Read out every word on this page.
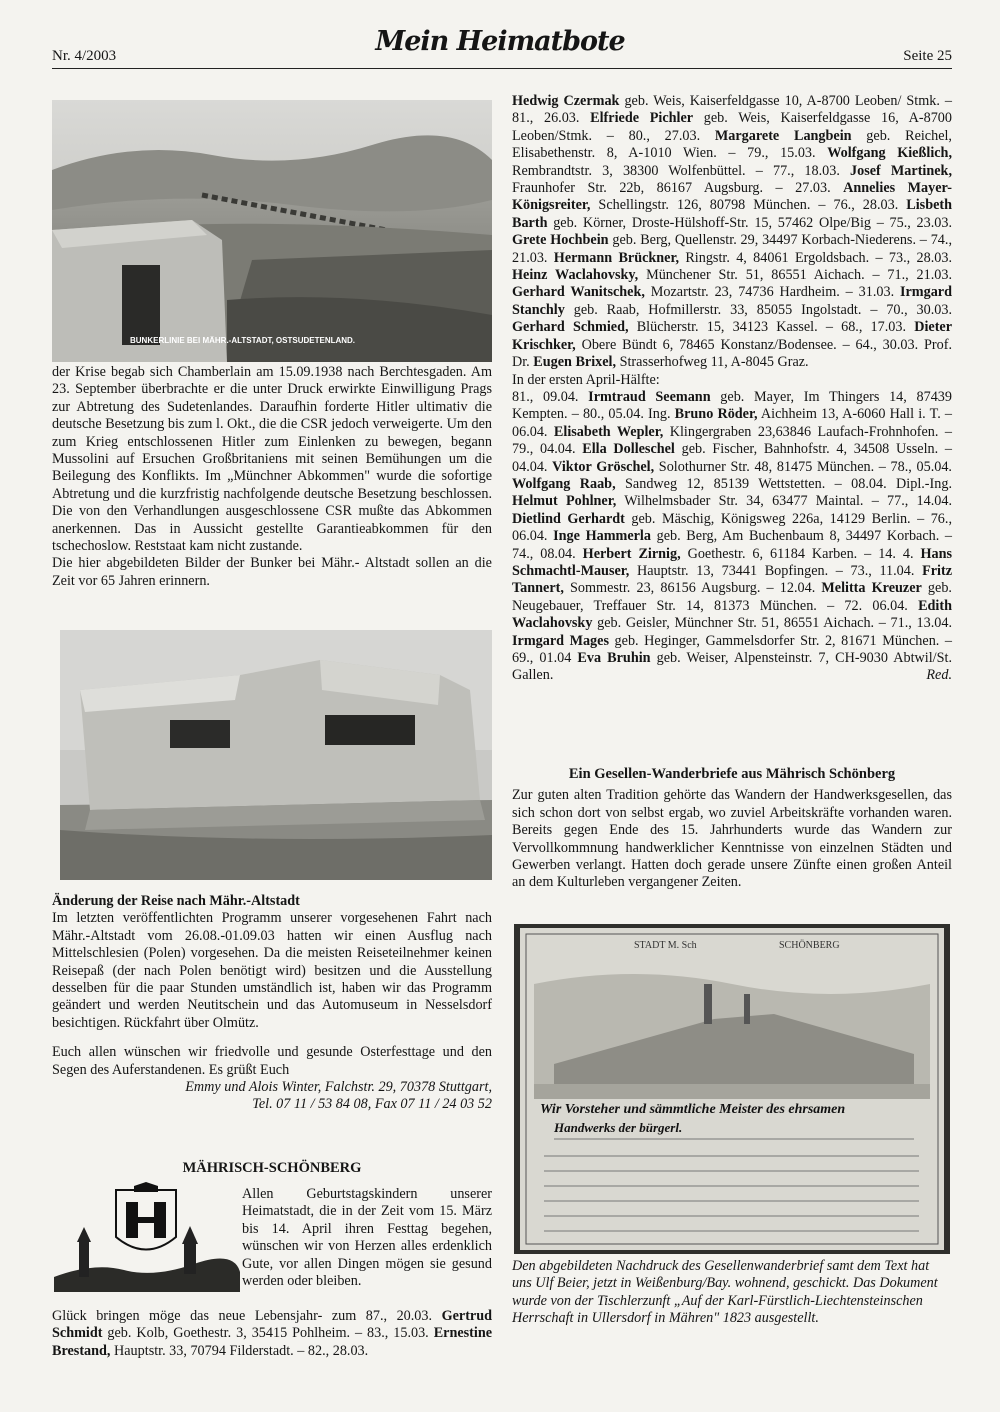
Nr. 4/2003	Mein Heimatbote	Seite 25
BUNKERLINIE BEI MÄHR.-ALTSTADT, OSTSUDETENLAND.

der Krise begab sich Chamberlain am 15.09.1938 nach Berchtesgaden. Am 23. September überbrachte er die unter Druck erwirkte Einwilligung Prags zur Abtretung des Sudetenlandes. Daraufhin forderte Hitler ultimativ die deutsche Besetzung bis zum l. Okt., die die CSR jedoch verweigerte. Um den zum Krieg entschlossenen Hitler zum Einlenken zu bewegen, begann Mussolini auf Ersuchen Großbritaniens mit seinen Bemühungen um die Beilegung des Konflikts. Im „Münchner Abkommen" wurde die sofortige Abtretung und die kurzfristig nachfolgende deutsche Besetzung beschlossen. Die von den Verhandlungen ausgeschlossene CSR mußte das Abkommen anerkennen. Das in Aussicht gestellte Garantieabkommen für den tschechoslow. Reststaat kam nicht zustande.

Die hier abgebildeten Bilder der Bunker bei Mähr.- Altstadt sollen an die Zeit vor 65 Jahren erinnern.

Änderung der Reise nach Mähr.-Altstadt

Im letzten veröffentlichten Programm unserer vorgesehenen Fahrt nach Mähr.-Altstadt vom 26.08.-01.09.03 hatten wir einen Ausflug nach Mittelschlesien (Polen) vorgesehen. Da die meisten Reiseteilnehmer keinen Reisepaß (der nach Polen benötigt wird) besitzen und die Ausstellung desselben für die paar Stunden umständlich ist, haben wir das Programm geändert und werden Neutitschein und das Automuseum in Nesselsdorf besichtigen. Rückfahrt über Olmütz.

Euch allen wünschen wir friedvolle und gesunde Osterfesttage und den Segen des Auferstandenen. Es grüßt Euch

Emmy und Alois Winter, Falchstr. 29, 70378 Stuttgart,

Tel. 07 11 / 53 84 08, Fax 07 11 / 24 03 52

MÄHRISCH-SCHÖNBERG
Allen Geburtstagskindern unserer Heimatstadt, die in der Zeit vom 15. März bis 14. April ihren Festtag begehen, wünschen wir von Herzen alles erdenklich Gute, vor allen Dingen mögen sie gesund werden oder bleiben.

Glück bringen möge das neue Lebensjahr- zum 87., 20.03. Gertrud Schmidt geb. Kolb, Goethestr. 3, 35415 Pohlheim. – 83., 15.03. Ernestine Brestand, Hauptstr. 33, 70794 Filderstadt. – 82., 28.03.

Hedwig Czermak geb. Weis, Kaiserfeldgasse 10, A-8700 Leoben/ Stmk. – 81., 26.03. Elfriede Pichler geb. Weis, Kaiserfeldgasse 16, A-8700 Leoben/Stmk. – 80., 27.03. Margarete Langbein geb. Reichel, Elisabethenstr. 8, A-1010 Wien. – 79., 15.03. Wolfgang Kießlich, Rembrandtstr. 3, 38300 Wolfenbüttel. – 77., 18.03. Josef Martinek, Fraunhofer Str. 22b, 86167 Augsburg. – 27.03. Annelies Mayer-Königsreiter, Schellingstr. 126, 80798 München. – 76., 28.03. Lisbeth Barth geb. Körner, Droste-Hülshoff-Str. 15, 57462 Olpe/Big – 75., 23.03. Grete Hochbein geb. Berg, Quellenstr. 29, 34497 Korbach-Niederens. – 74., 21.03. Hermann Brückner, Ringstr. 4, 84061 Ergoldsbach. – 73., 28.03. Heinz Waclahovsky, Münchener Str. 51, 86551 Aichach. – 71., 21.03. Gerhard Wanitschek, Mozartstr. 23, 74736 Hardheim. – 31.03. Irmgard Stanchly geb. Raab, Hofmillerstr. 33, 85055 Ingolstadt. – 70., 30.03. Gerhard Schmied, Blücherstr. 15, 34123 Kassel. – 68., 17.03. Dieter Krischker, Obere Bündt 6, 78465 Konstanz/Bodensee. – 64., 30.03. Prof. Dr. Eugen Brixel, Strasserhofweg 11, A-8045 Graz.

In der ersten April-Hälfte:

81., 09.04. Irmtraud Seemann geb. Mayer, Im Thingers 14, 87439 Kempten. – 80., 05.04. Ing. Bruno Röder, Aichheim 13, A-6060 Hall i. T. – 06.04. Elisabeth Wepler, Klingergraben 23,63846 Laufach-Frohnhofen. – 79., 04.04. Ella Dolleschel geb. Fischer, Bahnhofstr. 4, 34508 Usseln. – 04.04. Viktor Gröschel, Solothurner Str. 48, 81475 München. – 78., 05.04. Wolfgang Raab, Sandweg 12, 85139 Wettstetten. – 08.04. Dipl.-Ing. Helmut Pohlner, Wilhelmsbader Str. 34, 63477 Maintal. – 77., 14.04. Dietlind Gerhardt geb. Mäschig, Königsweg 226a, 14129 Berlin. – 76., 06.04. Inge Hammerla geb. Berg, Am Buchenbaum 8, 34497 Korbach. – 74., 08.04. Herbert Zirnig, Goethestr. 6, 61184 Karben. – 14. 4. Hans Schmachtl-Mauser, Hauptstr. 13, 73441 Bopfingen. – 73., 11.04. Fritz Tannert, Sommestr. 23, 86156 Augsburg. – 12.04. Melitta Kreuzer geb. Neugebauer, Treffauer Str. 14, 81373 München. – 72. 06.04. Edith Waclahovsky geb. Geisler, Münchner Str. 51, 86551 Aichach. – 71., 13.04. Irmgard Mages geb. Heginger, Gammelsdorfer Str. 2, 81671 München. – 69., 01.04 Eva Bruhin geb. Weiser, Alpensteinstr. 7, CH-9030 Abtwil/St. Gallen.	Red.

Ein Gesellen-Wanderbriefe aus Mährisch Schönberg

Zur guten alten Tradition gehörte das Wandern der Handwerksgesellen, das sich schon dort von selbst ergab, wo zuviel Arbeitskräfte vorhanden waren. Bereits gegen Ende des 15. Jahrhunderts wurde das Wandern zur Vervollkommnung handwerklicher Kenntnisse von einzelnen Städten und Gewerben verlangt. Hatten doch gerade unsere Zünfte einen großen Anteil an dem Kulturleben vergangener Zeiten.

STADT M. Sch	SCHÖNBERG
Wir Vorsteher und sämmtliche Meister des ehrsamen
Handwerks der bürgerl.
Den abgebildeten Nachdruck des Gesellenwanderbrief samt dem Text hat uns Ulf Beier, jetzt in Weißenburg/Bay. wohnend, geschickt. Das Dokument wurde von der Tischlerzunft „Auf der Karl-Fürstlich-Liechtensteinschen Herrschaft in Ullersdorf in Mähren" 1823 ausgestellt.
